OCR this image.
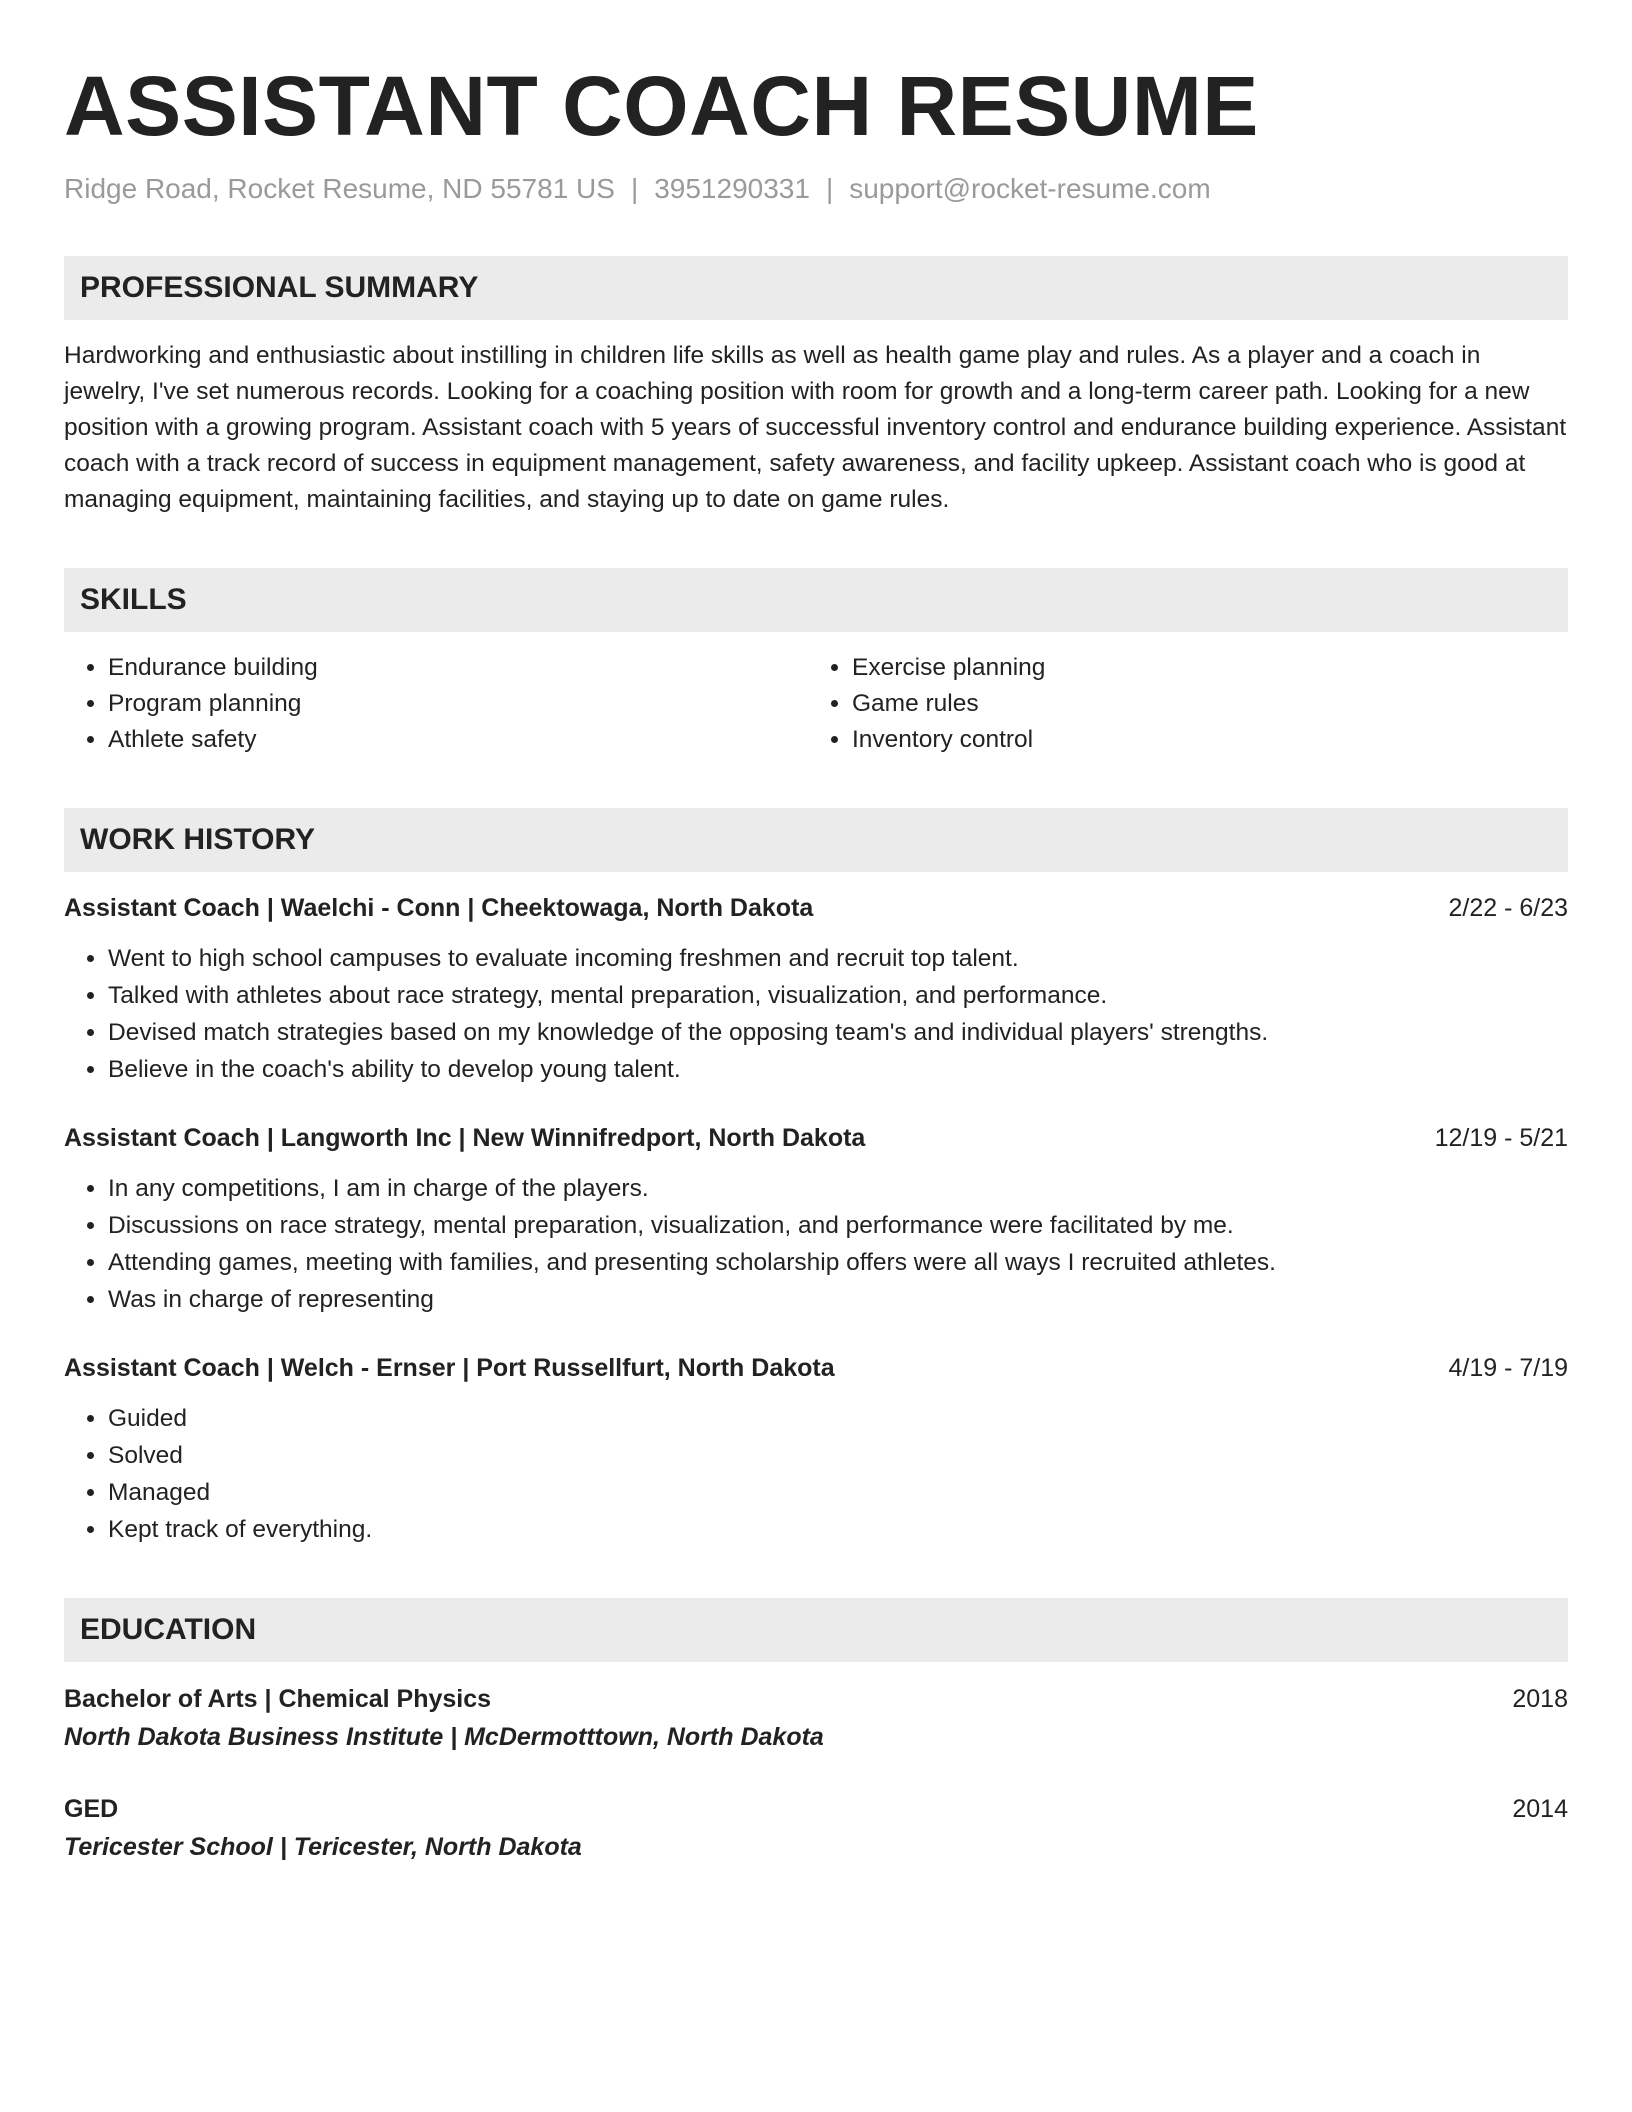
ASSISTANT COACH RESUME
Ridge Road, Rocket Resume, ND 55781 US | 3951290331 | support@rocket-resume.com
PROFESSIONAL SUMMARY

Hardworking and enthusiastic about instilling in children life skills as well as health game play and rules. As a player and a coach in jewelry, I've set numerous records. Looking for a coaching position with room for growth and a long-term career path. Looking for a new position with a growing program. Assistant coach with 5 years of successful inventory control and endurance building experience. Assistant coach with a track record of success in equipment management, safety awareness, and facility upkeep. Assistant coach who is good at managing equipment, maintaining facilities, and staying up to date on game rules.

SKILLS
• Endurance building
• Program planning
• Athlete safety
• Exercise planning
• Game rules
• Inventory control
WORK HISTORY
Assistant Coach | Waelchi - Conn | Cheektowaga, North Dakota	2/22 - 6/23
• Went to high school campuses to evaluate incoming freshmen and recruit top talent.
• Talked with athletes about race strategy, mental preparation, visualization, and performance.
• Devised match strategies based on my knowledge of the opposing team's and individual players' strengths.
• Believe in the coach's ability to develop young talent.
Assistant Coach | Langworth Inc | New Winnifredport, North Dakota	12/19 - 5/21
• In any competitions, I am in charge of the players.
• Discussions on race strategy, mental preparation, visualization, and performance were facilitated by me.
• Attending games, meeting with families, and presenting scholarship offers were all ways I recruited athletes.
• Was in charge of representing
Assistant Coach | Welch - Ernser | Port Russellfurt, North Dakota	4/19 - 7/19
• Guided
• Solved
• Managed
• Kept track of everything.
EDUCATION
Bachelor of Arts | Chemical Physics	2018
North Dakota Business Institute | McDermotttown, North Dakota
GED	2014
Tericester School | Tericester, North Dakota
